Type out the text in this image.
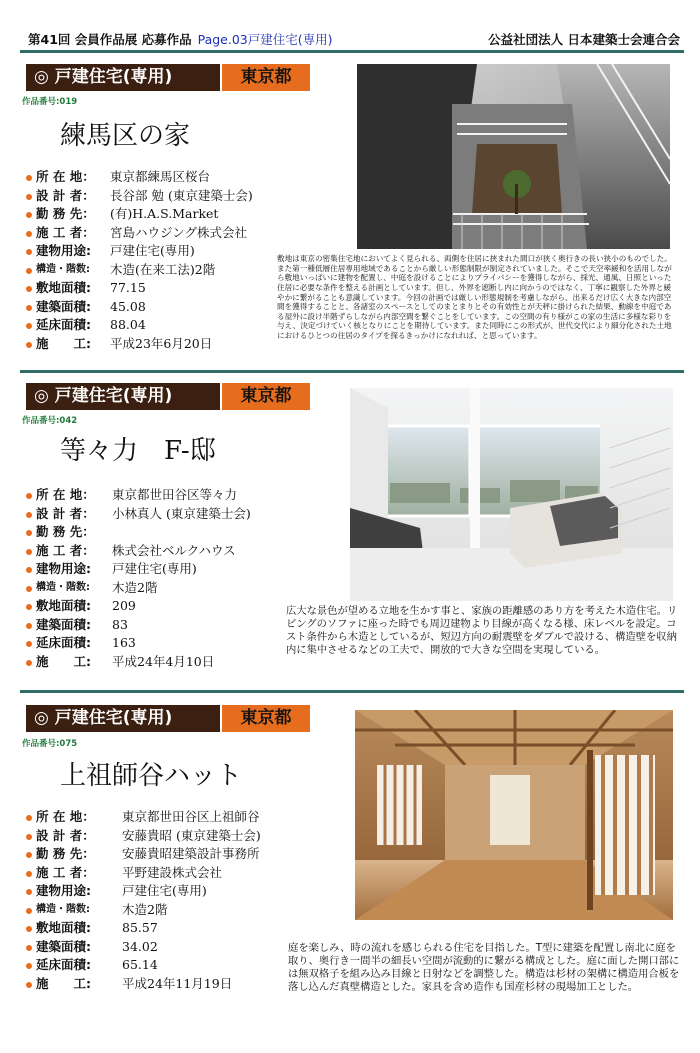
第41回 会員作品展 応募作品 Page.03戸建住宅(専用)	公益社団法人 日本建築士会連合会
◎ 戸建住宅(専用)	東京都
作品番号:019
練馬区の家
所 在 地： 東京都練馬区桜台
設 計 者： 長谷部 勉 (東京建築士会)
勤 務 先： (有)H.A.S.Market
施 工 者： 宮島ハウジング株式会社
建物用途: 戸建住宅(専用)
構造・階数: 木造(在来工法)2階
敷地面積: 77.15
建築面積: 45.08
延床面積: 88.04
施　　工: 平成23年6月20日
敷地は東京の密集住宅地においてよく見られる、両側を住居に挟まれた間口が狭く奥行きの長い狭小のものでした。また第一種低層住居専用地域であることから厳しい形態制限が制定されていました。そこで天空率緩和を活用しながら敷地いっぱいに建物を配置し、中庭を設けることによりプライバシーを獲得しながら、採光、通風、日照といった住居に必要な条件を整える計画としています。但し、外界を遮断し内に向かうのではなく、丁寧に観察した外界と緩やかに繋がることも意識しています。今回の計画では厳しい形態規制を考慮しながら、出来るだけ広く大きな内部空間を獲得することと、各諸室のスペースとしてのまとまりとその有効性とが天秤に掛けられた結果、動線を中庭である屋外に設け半階ずらしながら内部空間を繋ぐことをしています。この空間の有り様がこの家の生活に多様な彩りを与え、決定づけていく核となりにことを期待しています。また同時にこの形式が、世代交代により細分化された土地におけるひとつの住居のタイプを探るきっかけになれれば、と思っています。
◎ 戸建住宅(専用)	東京都
作品番号:042
等々力　F-邸
所 在 地： 東京都世田谷区等々力
設 計 者： 小林真人 (東京建築士会)
勤 務 先：
施 工 者： 株式会社ベルクハウス
建物用途: 戸建住宅(専用)
構造・階数: 木造2階
敷地面積: 209
建築面積: 83
延床面積: 163
施　　工: 平成24年4月10日
広大な景色が望める立地を生かす事と、家族の距離感のあり方を考えた木造住宅。リビングのソファに座った時でも周辺建物より目線が高くなる様、床レベルを設定。コスト条件から木造としているが、短辺方向の耐震壁をダブルで設ける、構造壁を収納内に集中させるなどの工夫で、開放的で大きな空間を実現している。
◎ 戸建住宅(専用)	東京都
作品番号:075
上祖師谷ハット
所 在 地： 東京都世田谷区上祖師谷
設 計 者： 安藤貴昭 (東京建築士会)
勤 務 先： 安藤貴昭建築設計事務所
施 工 者： 平野建設株式会社
建物用途: 戸建住宅(専用)
構造・階数:	木造2階
敷地面積: 85.57
建築面積: 34.02
延床面積: 65.14
施　　工: 平成24年11月19日
庭を楽しみ、時の流れを感じられる住宅を目指した。T型に建築を配置し南北に庭を取り、奥行き一間半の細長い空間が流動的に繋がる構成とした。庭に面した開口部には無双格子を組み込み目線と日射などを調整した。構造は杉材の架構に構造用合板を落し込んだ真壁構造とした。家具を含め造作も国産杉材の現場加工とした。
